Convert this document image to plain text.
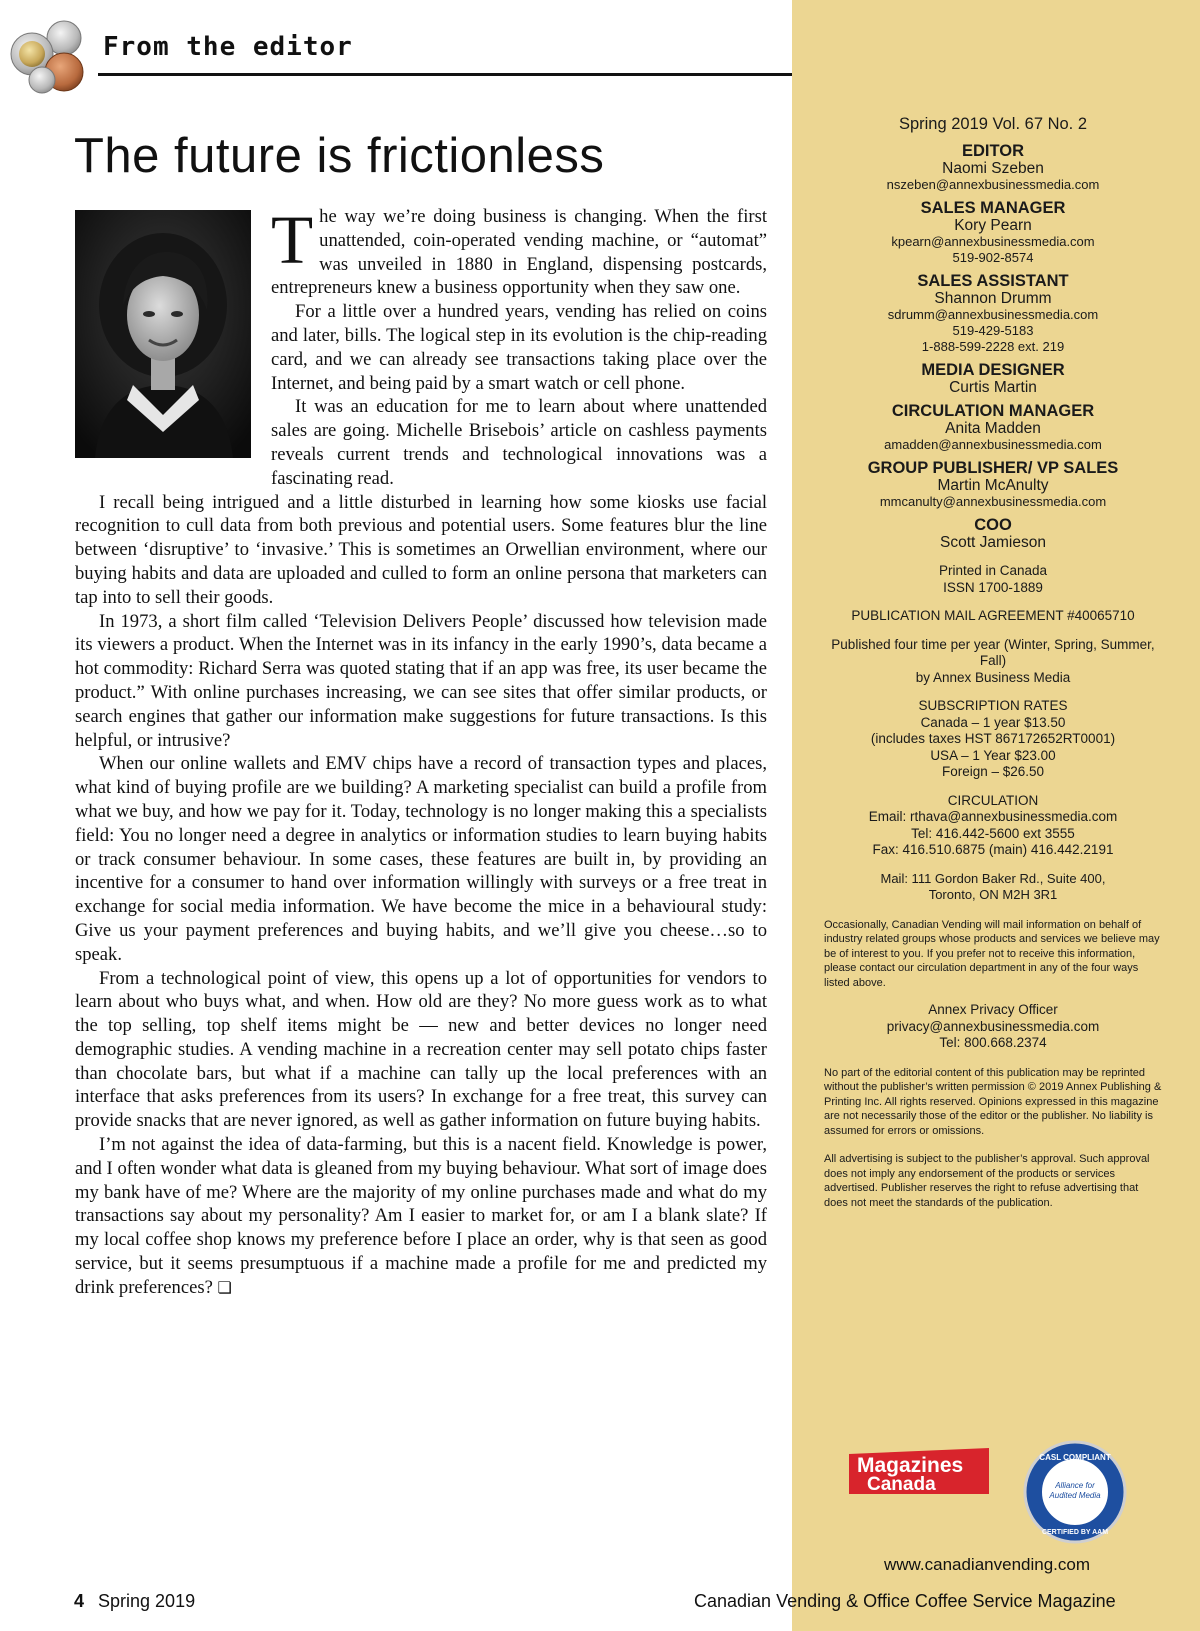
From the editor
The future is frictionless

The way we’re doing business is changing. When the first unattended, coin-operated vending machine, or “automat” was unveiled in 1880 in England, dispensing postcards, entrepreneurs knew a business opportunity when they saw one.

For a little over a hundred years, vending has relied on coins and later, bills. The logical step in its evolution is the chip-reading card, and we can already see transactions taking place over the Internet, and being paid by a smart watch or cell phone.

It was an education for me to learn about where unattended sales are going. Michelle Brisebois’ article on cashless payments reveals current trends and technological innovations was a fascinating read.

I recall being intrigued and a little disturbed in learning how some kiosks use facial recognition to cull data from both previous and potential users. Some features blur the line between ‘disruptive’ to ‘invasive.’ This is sometimes an Orwellian environment, where our buying habits and data are uploaded and culled to form an online persona that marketers can tap into to sell their goods.

In 1973, a short film called ‘Television Delivers People’ discussed how television made its viewers a product. When the Internet was in its infancy in the early 1990’s, data became a hot commodity: Richard Serra was quoted stating that if an app was free, its user became the product.” With online purchases increasing, we can see sites that offer similar products, or search engines that gather our information make suggestions for future transactions. Is this helpful, or intrusive?

When our online wallets and EMV chips have a record of transaction types and places, what kind of buying profile are we building? A marketing specialist can build a profile from what we buy, and how we pay for it. Today, technology is no longer making this a specialists field: You no longer need a degree in analytics or information studies to learn buying habits or track consumer behaviour. In some cases, these features are built in, by providing an incentive for a consumer to hand over information willingly with surveys or a free treat in exchange for social media information. We have become the mice in a behavioural study: Give us your payment preferences and buying habits, and we’ll give you cheese…so to speak.

From a technological point of view, this opens up a lot of opportunities for vendors to learn about who buys what, and when. How old are they? No more guess work as to what the top selling, top shelf items might be — new and better devices no longer need demographic studies. A vending machine in a recreation center may sell potato chips faster than chocolate bars, but what if a machine can tally up the local preferences with an interface that asks preferences from its users? In exchange for a free treat, this survey can provide snacks that are never ignored, as well as gather information on future buying habits.

I’m not against the idea of data-farming, but this is a nacent field. Knowledge is power, and I often wonder what data is gleaned from my buying behaviour. What sort of image does my bank have of me? Where are the majority of my online purchases made and what do my transactions say about my personality? Am I easier to market for, or am I a blank slate? If my local coffee shop knows my preference before I place an order, why is that seen as good service, but it seems presumptuous if a machine made a profile for me and predicted my drink preferences? ❏

Spring 2019 Vol. 67 No. 2
EDITOR
Naomi Szeben
nszeben@annexbusinessmedia.com
SALES MANAGER
Kory Pearn
kpearn@annexbusinessmedia.com
519-902-8574
SALES ASSISTANT
Shannon Drumm
sdrumm@annexbusinessmedia.com
519-429-5183
1-888-599-2228 ext. 219
MEDIA DESIGNER
Curtis Martin
CIRCULATION MANAGER
Anita Madden
amadden@annexbusinessmedia.com
GROUP PUBLISHER/ VP SALES
Martin McAnulty
mmcanulty@annexbusinessmedia.com
COO
Scott Jamieson
Printed in Canada
ISSN 1700-1889
PUBLICATION MAIL AGREEMENT #40065710
Published four time per year (Winter, Spring, Summer, Fall)
by Annex Business Media
SUBSCRIPTION RATES
Canada – 1 year $13.50
(includes taxes HST 867172652RT0001)
USA – 1 Year $23.00
Foreign – $26.50
CIRCULATION
Email: rthava@annexbusinessmedia.com
Tel: 416.442-5600 ext 3555
Fax: 416.510.6875 (main) 416.442.2191
Mail: 111 Gordon Baker Rd., Suite 400,
Toronto, ON M2H 3R1
Occasionally, Canadian Vending will mail information on behalf of industry related groups whose products and services we believe may be of interest to you. If you prefer not to receive this information, please contact our circulation department in any of the four ways listed above.
Annex Privacy Officer
privacy@annexbusinessmedia.com
Tel: 800.668.2374
No part of the editorial content of this publication may be reprinted without the publisher’s written permission © 2019 Annex Publishing & Printing Inc. All rights reserved. Opinions expressed in this magazine are not necessarily those of the editor or the publisher. No liability is assumed for errors or omissions.
All advertising is subject to the publisher’s approval. Such approval does not imply any endorsement of the products or services advertised. Publisher reserves the right to refuse advertising that does not meet the standards of the publication.
Magazines
Canada
CASL COMPLIANT
Alliance for
Audited Media
CERTIFIED BY AAM
www.canadianvending.com
4 Spring 2019	Canadian Vending & Office Coffee Service Magazine
